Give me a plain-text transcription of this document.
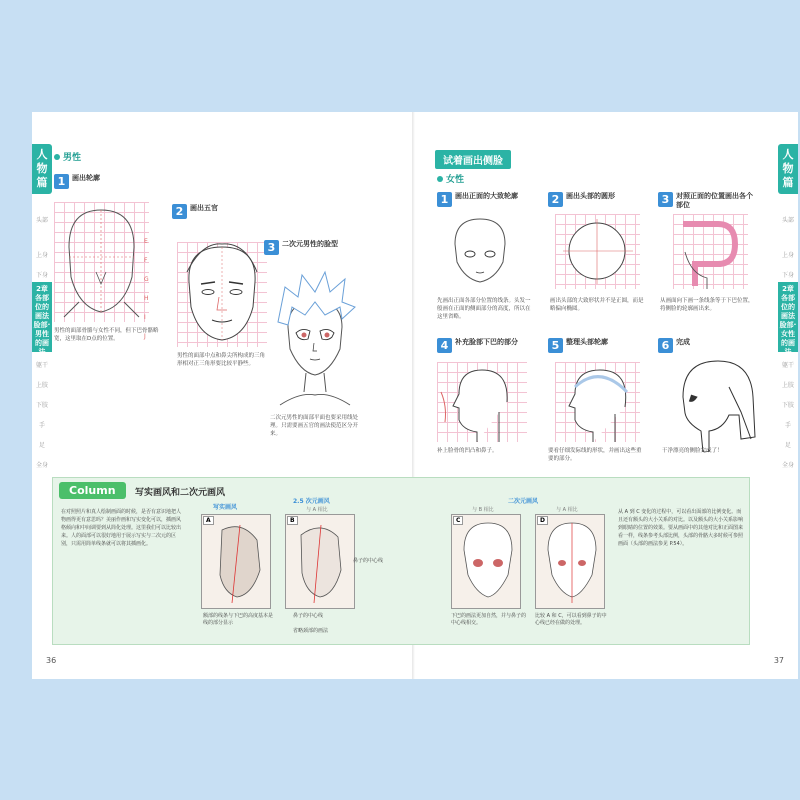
人物篇
头部
上身
下身
2章 各部位的画法 脸部·男性的画法
躯干
上肢
下肢
手
足
全身
男性
1 画出轮廓
男性的面部骨骼与女性不同，但下巴骨骼略宽，这里取在D点的位置。
2 画出五官
E
F
G
H
I
J
男性的面部中点和鼻尖所构成的三角形相对正三角形要比较平静些。
3 二次元男性的脸型
二次元男性的面部平面也要采用线处理。只需要画五官的画法使范区分开来。
36
人物篇
头部
上身
下身
2章 各部位的画法 脸部·女性的画法
躯干
上肢
下肢
手
足
全身
试着画出侧脸
女性
1 画出正面的大致轮廓
先画出正面各部分位置的线条。头发一般画在正面的侧面部分的高度，所以在这里省略。
2 画出头部的圆形
画出头部的大致形状并不是正圆，而是略偏向椭圆。
3 对照正面的位置画出各个部位
从画面向下画一条线条等于下巴位置，将侧脸的轮廓画出来。
4 补充脸部下巴的部分
补上脸骨的凹凸和鼻子。
5 整理头部轮廓
要看仔细发际线的形状，并画出这些重要的部分。
6 完成
干净漂亮的侧脸完成了！
37
Column	写实画风和二次元画风
在对照照片和真人绘制画面的时候，是否有意识地把人物画得更有意思吗？美丽作画和写实变化可以，插画风格倾向和中间调要到从简化处理。这里我们可以比较出来。人的面部可以很好地用于展示写实与二次元的区别，只需用简单线条就可以将其插画化。
写实画风
A
2.5 次元画风
与 A 相比
B
额部的线条与下巴的高度基本是线的部分显示
鼻子的中心线
省略颈部的画法
二次元画风
与 B 相比
C
与 A 相比
D
下巴的画法更加自然，并与鼻子的中心线相交。
比较 A 和 C，可以看到鼻子的中心线已经在做的处理。
鼻子的中心线
从 A 到 C 变化的过程中，可以看出面部的比例变化。而且还有额头的大小关系的对比。以及额头的大小关系影响到眼睛的位置的效果。要从画面中的其他对比和正面图来看一样，线条参考头部比例，头部的骨骼大多时候可参照画面（头部的画法参见 P.54）。
